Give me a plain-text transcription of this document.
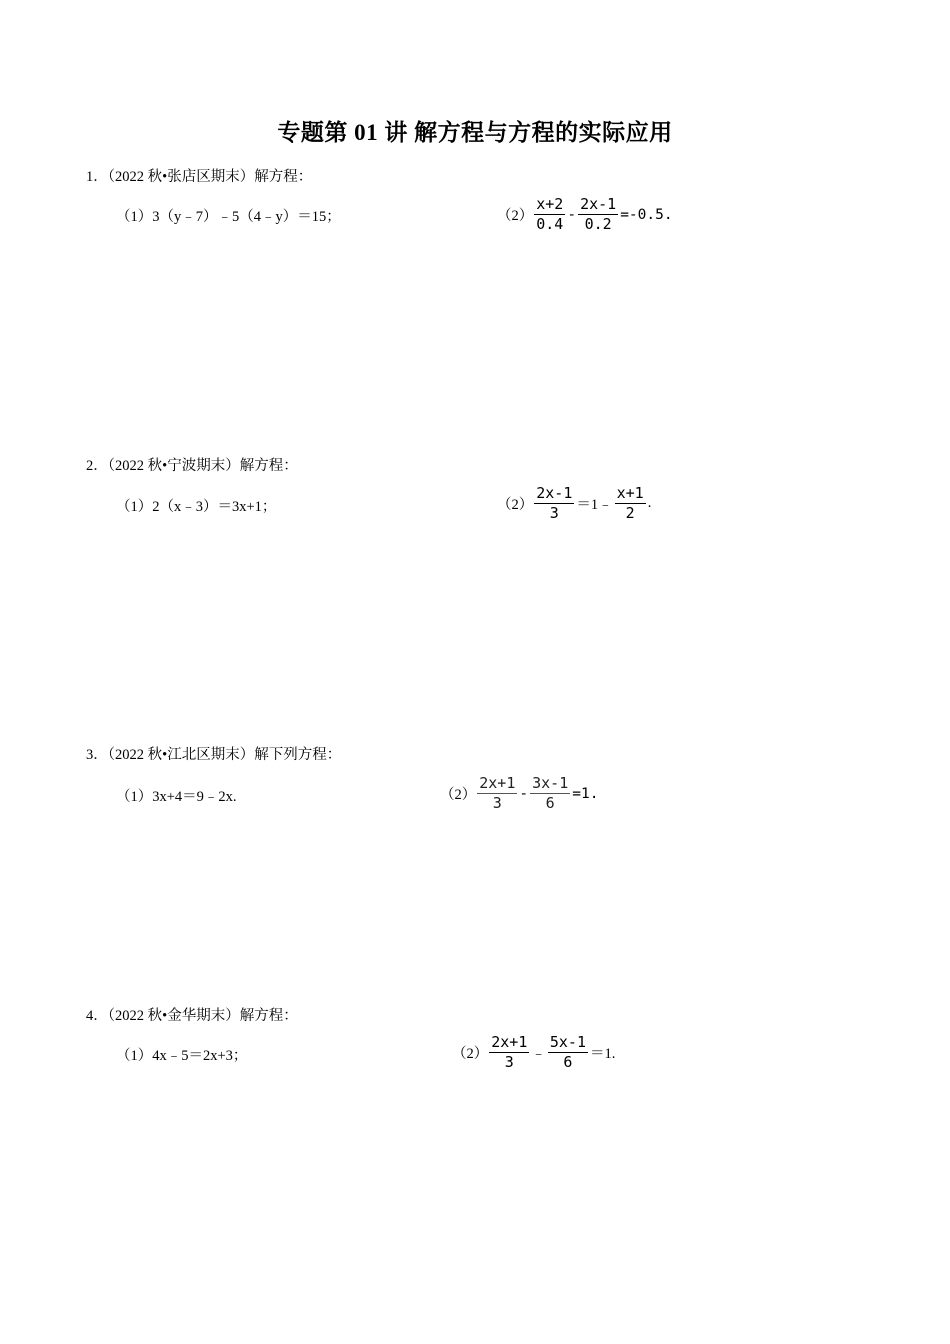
专题第 01 讲 解方程与方程的实际应用
1．（2022 秋•张店区期末）解方程：
（1） 3（y﹣7）﹣5（4﹣y）＝15；	$(2) \frac{x+2}{0.4} - \frac{2x-1}{0.2} =-0.5$.
2．（2022 秋•宁波期末）解方程：
（1） 2（x﹣3）＝3x+1；	$(2) \frac{2x-1}{3}$ ＝1﹣ $\frac{x+1}{2}$ .
3．（2022 秋•江北区期末）解下列方程：
（1） 3x+4＝9﹣2x.	$(2) \frac{2x+1}{3} - \frac{3x-1}{6} =1$.
4．（2022 秋•金华期末）解方程：
（1） 4x﹣5＝2x+3；	$(2) \frac{2x+1}{3}$ ﹣ $\frac{5x-1}{6} =1$.
